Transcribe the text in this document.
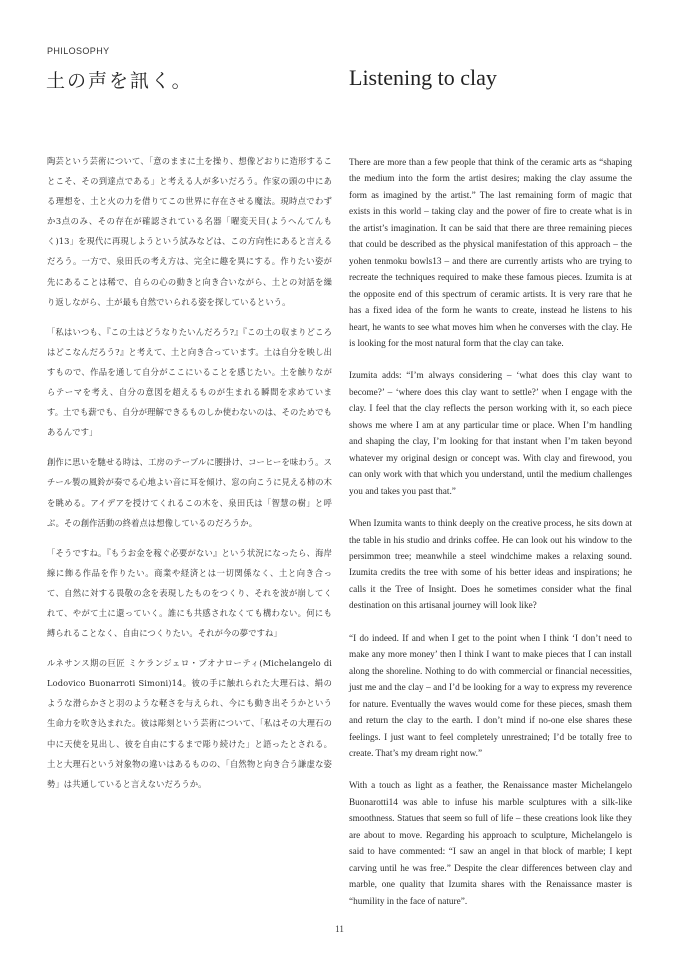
PHILOSOPHY
土の声を訊く。	Listening to clay

陶芸という芸術について、「意のままに土を操り、想像どおりに造形することこそ、その到達点である」と考える人が多いだろう。作家の頭の中にある理想を、土と火の力を借りてこの世界に存在させる魔法。現時点でわずか3点のみ、その存在が確認されている名器「曜変天目(ようへんてんもく)13」を現代に再現しようという試みなどは、この方向性にあると言えるだろう。一方で、泉田氏の考え方は、完全に趣を異にする。作りたい姿が先にあることは稀で、自らの心の動きと向き合いながら、土との対話を繰り返しながら、土が最も自然でいられる姿を探しているという。

「私はいつも、『この土はどうなりたいんだろう?』『この土の収まりどころはどこなんだろう?』と考えて、土と向き合っています。土は自分を映し出すもので、作品を通して自分がここにいることを感じたい。土を触りながらテーマを考え、自分の意図を超えるものが生まれる瞬間を求めています。土でも薪でも、自分が理解できるものしか使わないのは、そのためでもあるんです」

創作に思いを馳せる時は、工房のテーブルに腰掛け、コーヒーを味わう。スチール製の風鈴が奏でる心地よい音に耳を傾け、窓の向こうに見える柿の木を眺める。アイデアを授けてくれるこの木を、泉田氏は「智慧の樹」と呼ぶ。その創作活動の終着点は想像しているのだろうか。

「そうですね。『もうお金を稼ぐ必要がない』という状況になったら、海岸線に飾る作品を作りたい。商業や経済とは一切関係なく、土と向き合って、自然に対する畏敬の念を表現したものをつくり、それを波が崩してくれて、やがて土に還っていく。誰にも共感されなくても構わない。何にも縛られることなく、自由につくりたい。それが今の夢ですね」

ルネサンス期の巨匠 ミケランジェロ・ブオナローティ(Michelangelo di Lodovico Buonarroti Simoni)14。彼の手に触れられた大理石は、絹のような滑らかさと羽のような軽さを与えられ、今にも動き出そうかという生命力を吹き込まれた。彼は彫刻という芸術について、「私はその大理石の中に天使を見出し、彼を自由にするまで彫り続けた」と語ったとされる。土と大理石という対象物の違いはあるものの、「自然物と向き合う謙虚な姿勢」は共通していると言えないだろうか。

There are more than a few people that think of the ceramic arts as “shaping the medium into the form the artist desires; making the clay assume the form as imagined by the artist.” The last remaining form of magic that exists in this world – taking clay and the power of fire to create what is in the artist’s imagination. It can be said that there are three remaining pieces that could be described as the physical manifestation of this approach – the yohen tenmoku bowls13 – and there are currently artists who are trying to recreate the techniques required to make these famous pieces. Izumita is at the opposite end of this spectrum of ceramic artists. It is very rare that he has a fixed idea of the form he wants to create, instead he listens to his heart, he wants to see what moves him when he converses with the clay. He is looking for the most natural form that the clay can take.

Izumita adds: “I’m always considering – ‘what does this clay want to become?’ – ‘where does this clay want to settle?’ when I engage with the clay. I feel that the clay reflects the person working with it, so each piece shows me where I am at any particular time or place. When I’m handling and shaping the clay, I’m looking for that instant when I’m taken beyond whatever my original design or concept was. With clay and firewood, you can only work with that which you understand, until the medium challenges you and takes you past that.”

When Izumita wants to think deeply on the creative process, he sits down at the table in his studio and drinks coffee. He can look out his window to the persimmon tree; meanwhile a steel windchime makes a relaxing sound. Izumita credits the tree with some of his better ideas and inspirations; he calls it the Tree of Insight. Does he sometimes consider what the final destination on this artisanal journey will look like?

“I do indeed. If and when I get to the point when I think ‘I don’t need to make any more money’ then I think I want to make pieces that I can install along the shoreline. Nothing to do with commercial or financial necessities, just me and the clay – and I’d be looking for a way to express my reverence for nature. Eventually the waves would come for these pieces, smash them and return the clay to the earth. I don’t mind if no-one else shares these feelings. I just want to feel completely unrestrained; I’d be totally free to create. That’s my dream right now.”

With a touch as light as a feather, the Renaissance master Michelangelo Buonarotti14 was able to infuse his marble sculptures with a silk-like smoothness. Statues that seem so full of life – these creations look like they are about to move. Regarding his approach to sculpture, Michelangelo is said to have commented: “I saw an angel in that block of marble; I kept carving until he was free.” Despite the clear differences between clay and marble, one quality that Izumita shares with the Renaissance master is “humility in the face of nature”.

11
